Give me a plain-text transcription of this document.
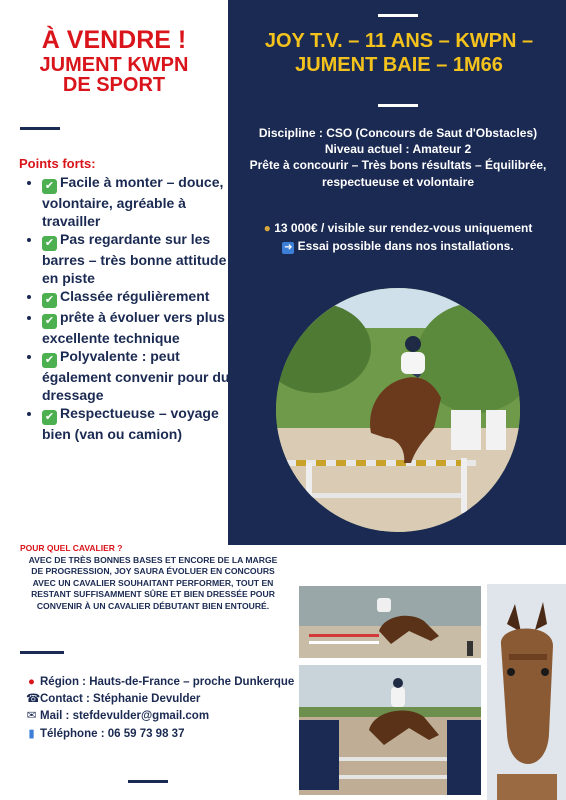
À VENDRE !
JUMENT KWPN
DE SPORT
Points forts:
• ✔ Facile à monter – douce, volontaire, agréable à travailler
• ✔ Pas regardante sur les barres – très bonne attitude en piste
• ✔ Classée régulièrement
• ✔ prête à évoluer vers plus – excellente technique
• ✔ Polyvalente : peut également convenir pour du dressage
• ✔ Respectueuse – voyage bien (van ou camion)
POUR QUEL CAVALIER ?
AVEC DE TRÈS BONNES BASES ET ENCORE DE LA MARGE DE PROGRESSION, JOY SAURA ÉVOLUER EN CONCOURS AVEC UN CAVALIER SOUHAITANT PERFORMER, TOUT EN RESTANT SUFFISAMMENT SÛRE ET BIEN DRESSÉE POUR CONVENIR À UN CAVALIER DÉBUTANT BIEN ENTOURÉ.
● Région : Hauts-de-France – proche Dunkerque
☎Contact : Stéphanie Devulder
✉ Mail : stefdevulder@gmail.com
▮ Téléphone : 06 59 73 98 37
JOY T.V. – 11 ANS – KWPN – JUMENT BAIE – 1M66
Discipline : CSO (Concours de Saut d'Obstacles)
Niveau actuel : Amateur 2
Prête à concourir – Très bons résultats – Équilibrée, respectueuse et volontaire
● 13 000€ / visible sur rendez-vous uniquement
➜ Essai possible dans nos installations.
